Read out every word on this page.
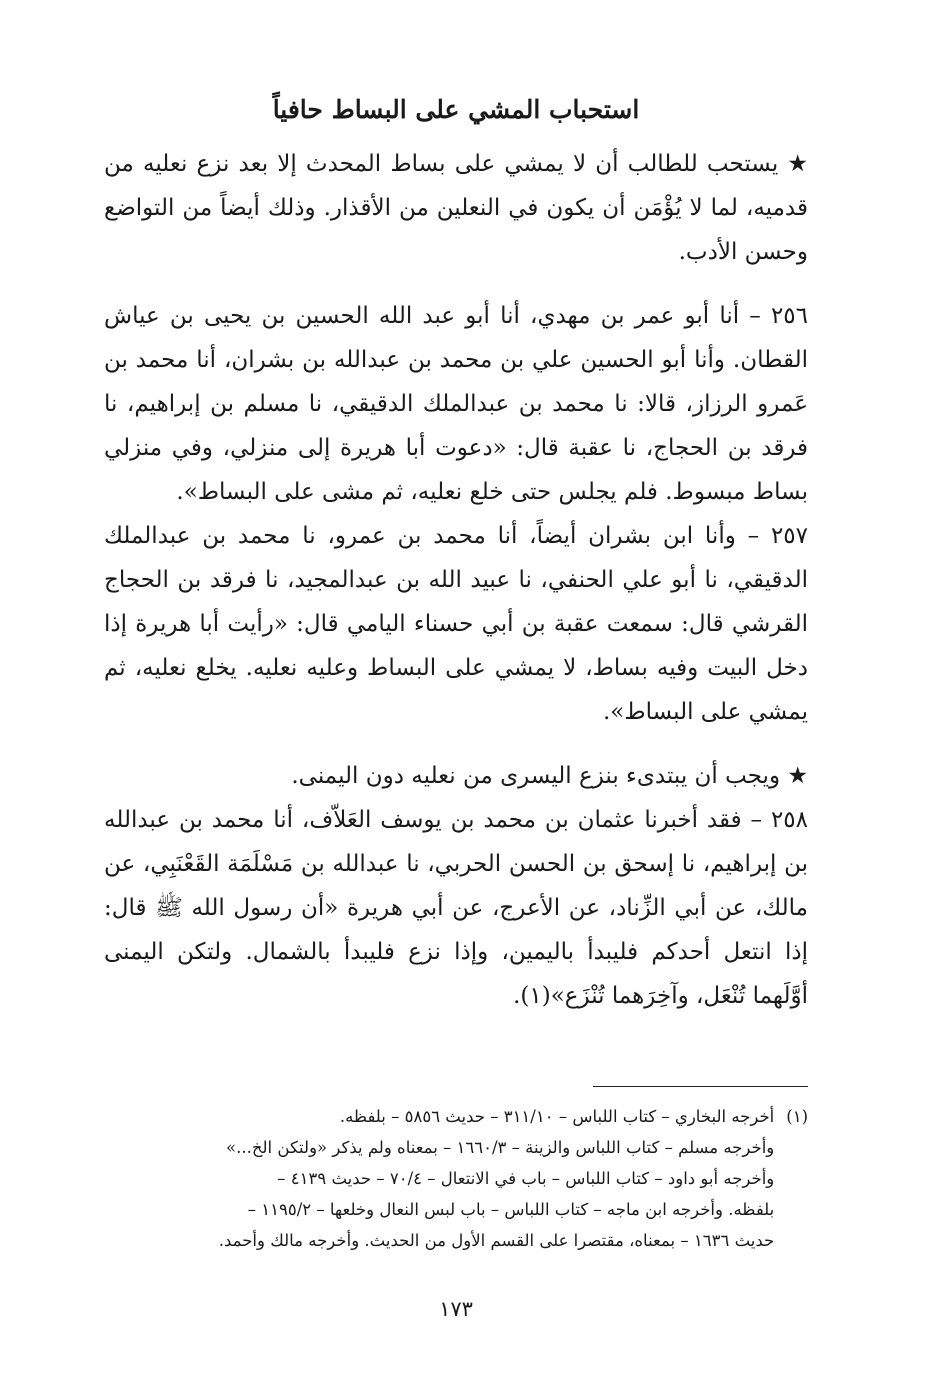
استحباب المشي على البساط حافياً

★ يستحب للطالب أن لا يمشي على بساط المحدث إلا بعد نزع نعليه من قدميه، لما لا يُؤْمَن أن يكون في النعلين من الأقذار. وذلك أيضاً من التواضع وحسن الأدب.

٢٥٦ – أنا أبو عمر بن مهدي، أنا أبو عبد الله الحسين بن يحيى بن عياش القطان. وأنا أبو الحسين علي بن محمد بن عبدالله بن بشران، أنا محمد بن عَمرو الرزاز، قالا: نا محمد بن عبدالملك الدقيقي، نا مسلم بن إبراهيم، نا فرقد بن الحجاج، نا عقبة قال: «دعوت أبا هريرة إلى منزلي، وفي منزلي بساط مبسوط. فلم يجلس حتى خلع نعليه، ثم مشى على البساط».

٢٥٧ – وأنا ابن بشران أيضاً، أنا محمد بن عمرو، نا محمد بن عبدالملك الدقيقي، نا أبو علي الحنفي، نا عبيد الله بن عبدالمجيد، نا فرقد بن الحجاج القرشي قال: سمعت عقبة بن أبي حسناء اليامي قال: «رأيت أبا هريرة إذا دخل البيت وفيه بساط، لا يمشي على البساط وعليه نعليه. يخلع نعليه، ثم يمشي على البساط».

★ ويجب أن يبتدىء بنزع اليسرى من نعليه دون اليمنى.

٢٥٨ – فقد أخبرنا عثمان بن محمد بن يوسف العَلاّف، أنا محمد بن عبدالله بن إبراهيم، نا إسحق بن الحسن الحربي، نا عبدالله بن مَسْلَمَة القَعْنَبِي، عن مالك، عن أبي الزِّناد، عن الأعرج، عن أبي هريرة «أن رسول الله ﷺ قال: إذا انتعل أحدكم فليبدأ باليمين، وإذا نزع فليبدأ بالشمال. ولتكن اليمنى أوَّلَهما تُنْعَل، وآخِرَهما تُنْزَع»(١).

(١)
أخرجه البخاري – كتاب اللباس – ٣١١/١٠ – حديث ٥٨٥٦ – بلفظه.
وأخرجه مسلم – كتاب اللباس والزينة – ١٦٦٠/٣ – بمعناه ولم يذكر «ولتكن الخ...»
وأخرجه أبو داود – كتاب اللباس – باب في الانتعال – ٧٠/٤ – حديث ٤١٣٩ –
بلفظه. وأخرجه ابن ماجه – كتاب اللباس – باب لبس النعال وخلعها – ١١٩٥/٢ –
حديث ١٦٣٦ – بمعناه، مقتصرا على القسم الأول من الحديث. وأخرجه مالك وأحمد.
١٧٣
